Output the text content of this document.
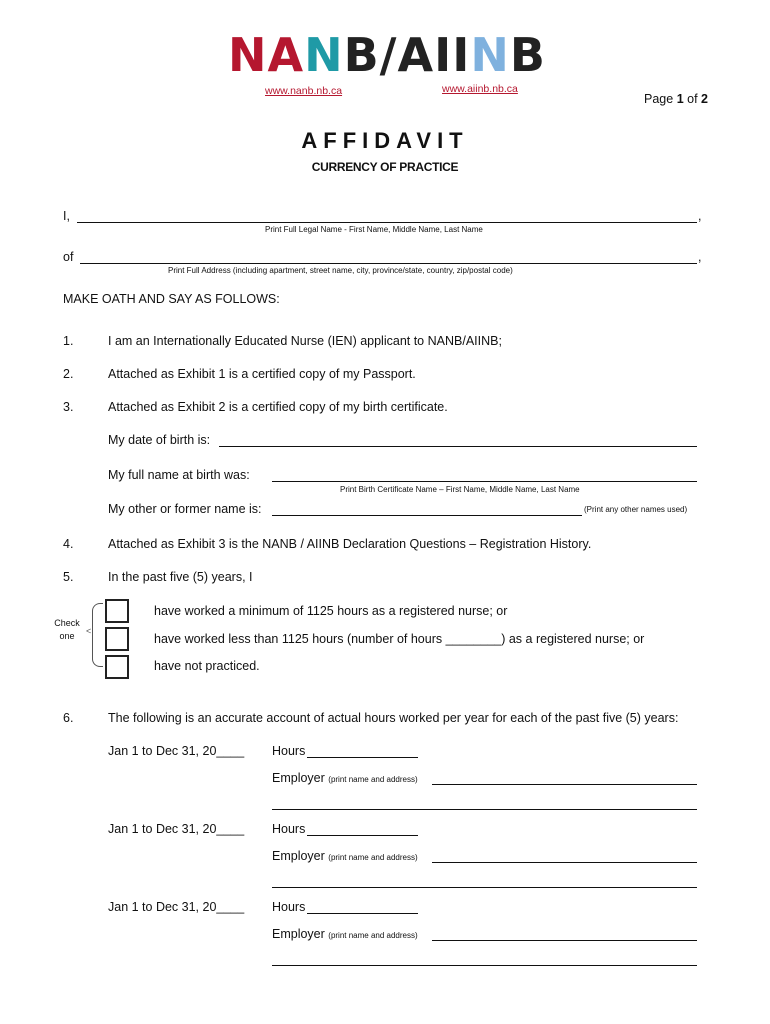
NANB/AIINB
www.nanb.nb.ca	www.aiinb.nb.ca
Page 1 of 2
AFFIDAVIT
CURRENCY OF PRACTICE
I,	,
Print Full Legal Name - First Name, Middle Name, Last Name
of	,
Print Full Address (including apartment, street name, city, province/state, country, zip/postal code)
MAKE OATH AND SAY AS FOLLOWS:
1.	I am an Internationally Educated Nurse (IEN) applicant to NANB/AIINB;
2.	Attached as Exhibit 1 is a certified copy of my Passport.
3.	Attached as Exhibit 2 is a certified copy of my birth certificate.
My date of birth is:
My full name at birth was:
Print Birth Certificate Name – First Name, Middle Name, Last Name
My other or former name is:	(Print any other names used)
4.	Attached as Exhibit 3 is the NANB / AIINB Declaration Questions – Registration History.
5.	In the past five (5) years, I
Check
one	<
have worked a minimum of 1125 hours as a registered nurse; or
have worked less than 1125 hours (number of hours ________) as a registered nurse; or
have not practiced.
6.	The following is an accurate account of actual hours worked per year for each of the past five (5) years:
Jan 1 to Dec 31, 20____ Hours
Employer (print name and address)
Jan 1 to Dec 31, 20____ Hours
Employer (print name and address)
Jan 1 to Dec 31, 20____ Hours
Employer (print name and address)
